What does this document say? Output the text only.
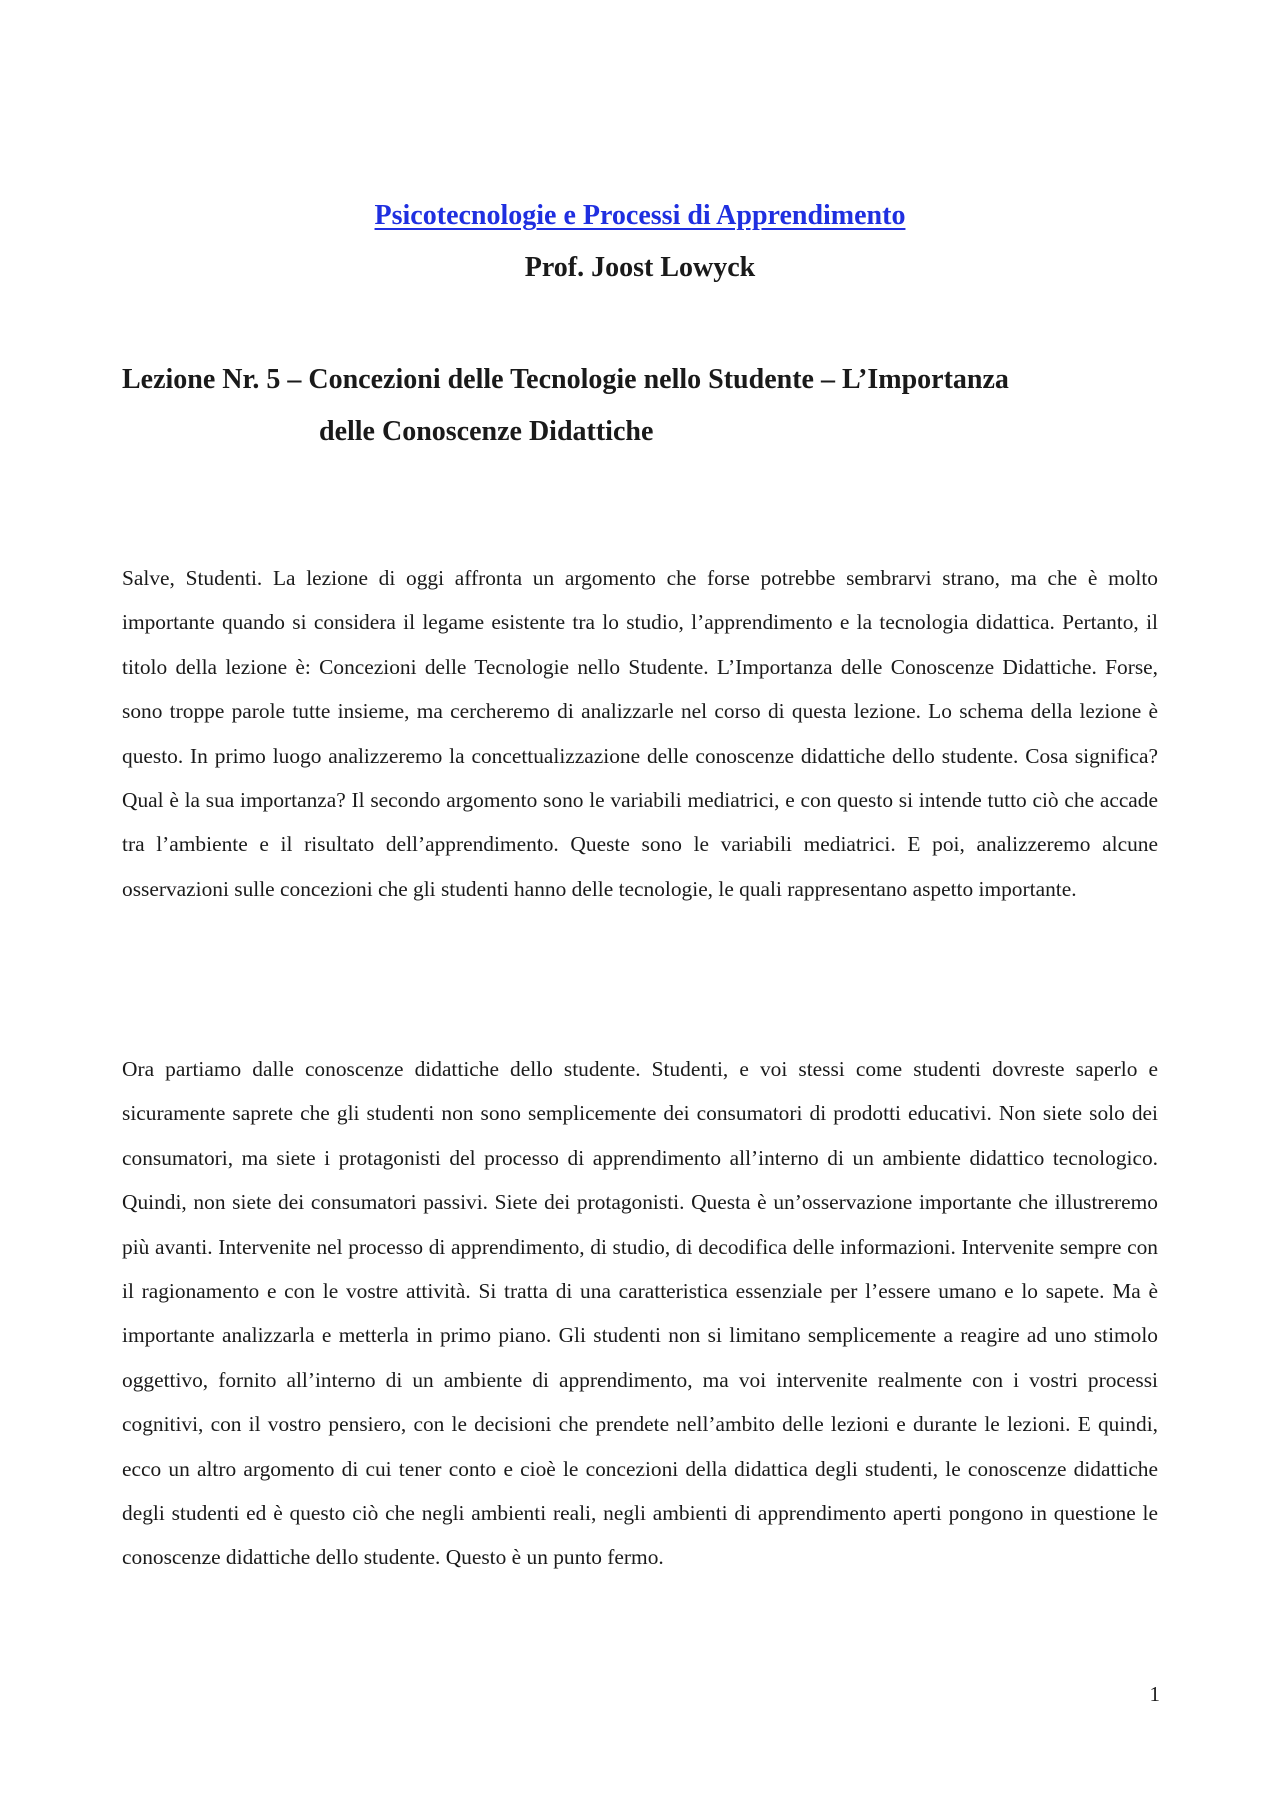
Psicotecnologie e Processi di Apprendimento
Prof. Joost Lowyck
Lezione Nr. 5 – Concezioni delle Tecnologie nello Studente – L’Importanza
delle Conoscenze Didattiche

Salve, Studenti. La lezione di oggi affronta un argomento che forse potrebbe sembrarvi strano, ma che è molto importante quando si considera il legame esistente tra lo studio, l’apprendimento e la tecnologia didattica. Pertanto, il titolo della lezione è: Concezioni delle Tecnologie nello Studente. L’Importanza delle Conoscenze Didattiche. Forse, sono troppe parole tutte insieme, ma cercheremo di analizzarle nel corso di questa lezione. Lo schema della lezione è questo. In primo luogo analizzeremo la concettualizzazione delle conoscenze didattiche dello studente. Cosa significa? Qual è la sua importanza? Il secondo argomento sono le variabili mediatrici, e con questo si intende tutto ciò che accade tra l’ambiente e il risultato dell’apprendimento. Queste sono le variabili mediatrici. E poi, analizzeremo alcune osservazioni sulle concezioni che gli studenti hanno delle tecnologie, le quali rappresentano aspetto importante.

Ora partiamo dalle conoscenze didattiche dello studente. Studenti, e voi stessi come studenti dovreste saperlo e sicuramente saprete che gli studenti non sono semplicemente dei consumatori di prodotti educativi. Non siete solo dei consumatori, ma siete i protagonisti del processo di apprendimento all’interno di un ambiente didattico tecnologico. Quindi, non siete dei consumatori passivi. Siete dei protagonisti. Questa è un’osservazione importante che illustreremo più avanti. Intervenite nel processo di apprendimento, di studio, di decodifica delle informazioni. Intervenite sempre con il ragionamento e con le vostre attività. Si tratta di una caratteristica essenziale per l’essere umano e lo sapete. Ma è importante analizzarla e metterla in primo piano. Gli studenti non si limitano semplicemente a reagire ad uno stimolo oggettivo, fornito all’interno di un ambiente di apprendimento, ma voi intervenite realmente con i vostri processi cognitivi, con il vostro pensiero, con le decisioni che prendete nell’ambito delle lezioni e durante le lezioni. E quindi, ecco un altro argomento di cui tener conto e cioè le concezioni della didattica degli studenti, le conoscenze didattiche degli studenti ed è questo ciò che negli ambienti reali, negli ambienti di apprendimento aperti pongono in questione le conoscenze didattiche dello studente. Questo è un punto fermo.

1
